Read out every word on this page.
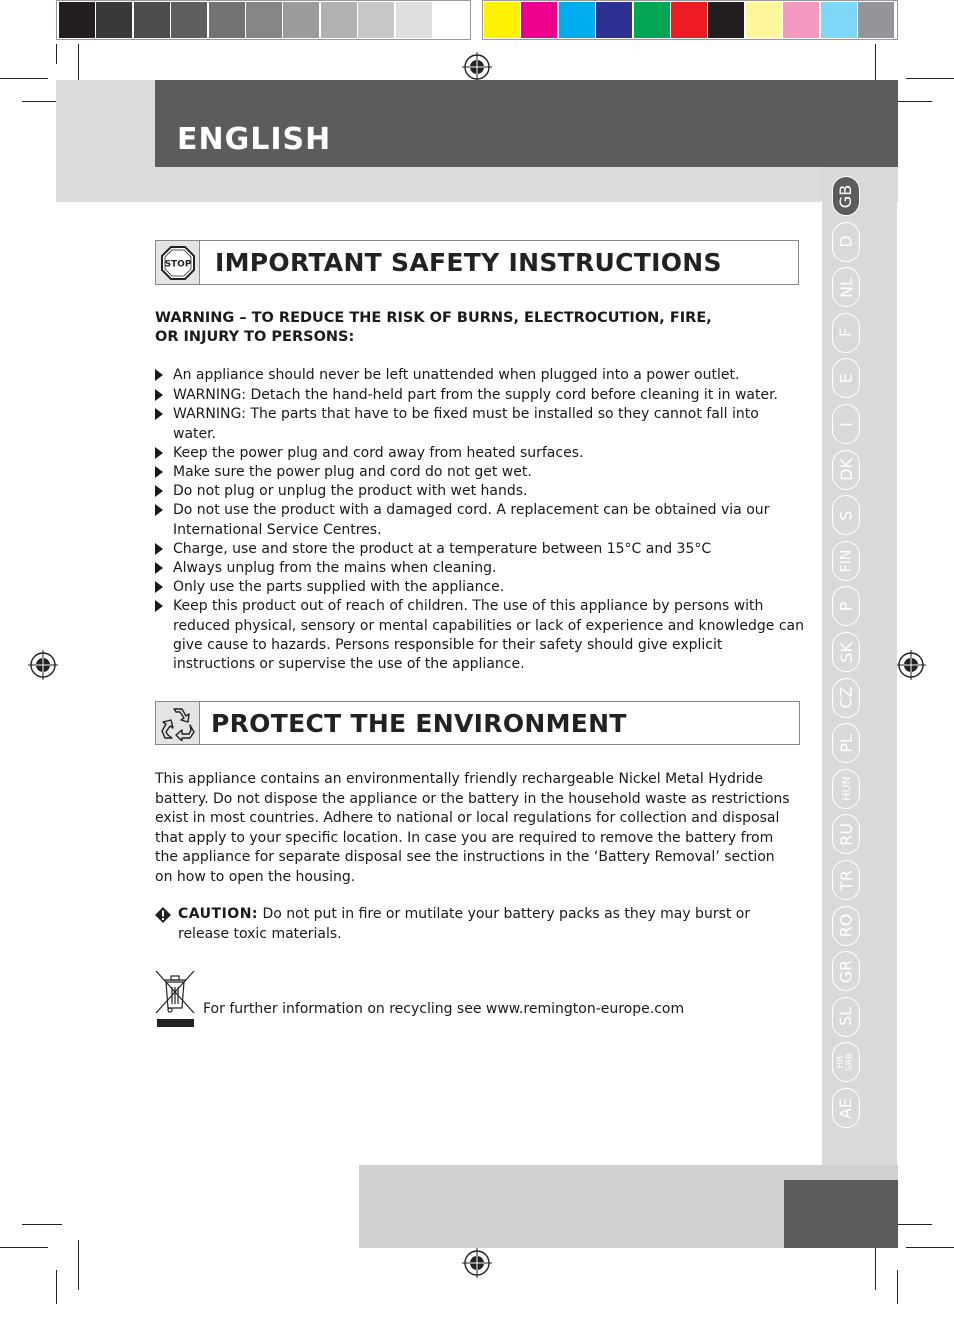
ENGLISH
GB
D
NL
F
E
I
DK
S
FIN
P
SK
CZ
PL
HUN
RU
TR
RO
GR
SL
HR SRB
AE
STOP IMPORTANT SAFETY INSTRUCTIONS
WARNING – TO REDUCE THE RISK OF BURNS, ELECTROCUTION, FIRE,
OR INJURY TO PERSONS:
An appliance should never be left unattended when plugged into a power outlet.
WARNING: Detach the hand-held part from the supply cord before cleaning it in water.
WARNING: The parts that have to be fixed must be installed so they cannot fall into water.
Keep the power plug and cord away from heated surfaces.
Make sure the power plug and cord do not get wet.
Do not plug or unplug the product with wet hands.
Do not use the product with a damaged cord. A replacement can be obtained via our International Service Centres.
Charge, use and store the product at a temperature between 15°C and 35°C
Always unplug from the mains when cleaning.
Only use the parts supplied with the appliance.
Keep this product out of reach of children. The use of this appliance by persons with reduced physical, sensory or mental capabilities or lack of experience and knowledge can give cause to hazards. Persons responsible for their safety should give explicit instructions or supervise the use of the appliance.
PROTECT THE ENVIRONMENT
This appliance contains an environmentally friendly rechargeable Nickel Metal Hydride battery. Do not dispose the appliance or the battery in the household waste as restrictions exist in most countries. Adhere to national or local regulations for collection and disposal that apply to your specific location. In case you are required to remove the battery from the appliance for separate disposal see the instructions in the ‘Battery Removal’ section on how to open the housing.
CAUTION: Do not put in fire or mutilate your battery packs as they may burst or release toxic materials.
For further information on recycling see www.remington-europe.com
